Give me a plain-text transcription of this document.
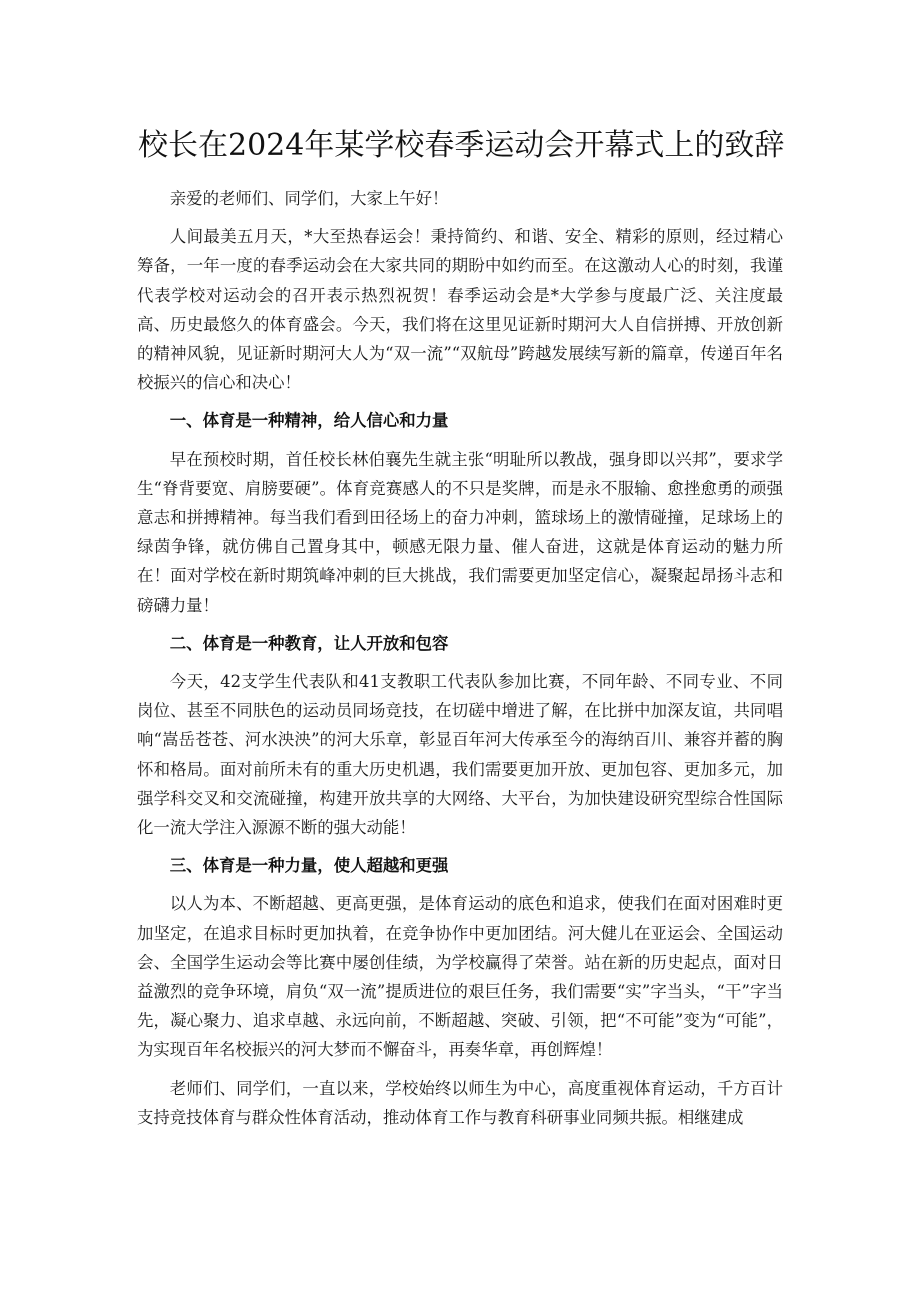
校长在2024年某学校春季运动会开幕式上的致辞

亲爱的老师们、同学们，大家上午好！

人间最美五月天，*大至热春运会！秉持简约、和谐、安全、精彩的原则，经过精心筹备，一年一度的春季运动会在大家共同的期盼中如约而至。在这激动人心的时刻，我谨代表学校对运动会的召开表示热烈祝贺！春季运动会是*大学参与度最广泛、关注度最高、历史最悠久的体育盛会。今天，我们将在这里见证新时期河大人自信拼搏、开放创新的精神风貌，见证新时期河大人为“双一流”“双航母”跨越发展续写新的篇章，传递百年名校振兴的信心和决心！

一、体育是一种精神，给人信心和力量

早在预校时期，首任校长林伯襄先生就主张“明耻所以教战，强身即以兴邦”，要求学生“脊背要宽、肩膀要硬”。体育竞赛感人的不只是奖牌，而是永不服输、愈挫愈勇的顽强意志和拼搏精神。每当我们看到田径场上的奋力冲刺，篮球场上的激情碰撞，足球场上的绿茵争锋，就仿佛自己置身其中，顿感无限力量、催人奋进，这就是体育运动的魅力所在！面对学校在新时期筑峰冲刺的巨大挑战，我们需要更加坚定信心，凝聚起昂扬斗志和磅礴力量！

二、体育是一种教育，让人开放和包容

今天，42支学生代表队和41支教职工代表队参加比赛，不同年龄、不同专业、不同岗位、甚至不同肤色的运动员同场竞技，在切磋中增进了解，在比拼中加深友谊，共同唱响“嵩岳苍苍、河水泱泱”的河大乐章，彰显百年河大传承至今的海纳百川、兼容并蓄的胸怀和格局。面对前所未有的重大历史机遇，我们需要更加开放、更加包容、更加多元，加强学科交叉和交流碰撞，构建开放共享的大网络、大平台，为加快建设研究型综合性国际化一流大学注入源源不断的强大动能！

三、体育是一种力量，使人超越和更强

以人为本、不断超越、更高更强，是体育运动的底色和追求，使我们在面对困难时更加坚定，在追求目标时更加执着，在竞争协作中更加团结。河大健儿在亚运会、全国运动会、全国学生运动会等比赛中屡创佳绩，为学校赢得了荣誉。站在新的历史起点，面对日益激烈的竞争环境，肩负“双一流”提质进位的艰巨任务，我们需要“实”字当头，“干”字当先，凝心聚力、追求卓越、永远向前，不断超越、突破、引领，把“不可能”变为“可能”，为实现百年名校振兴的河大梦而不懈奋斗，再奏华章，再创辉煌！

老师们、同学们，一直以来，学校始终以师生为中心，高度重视体育运动，千方百计支持竞技体育与群众性体育活动，推动体育工作与教育科研事业同频共振。相继建成
